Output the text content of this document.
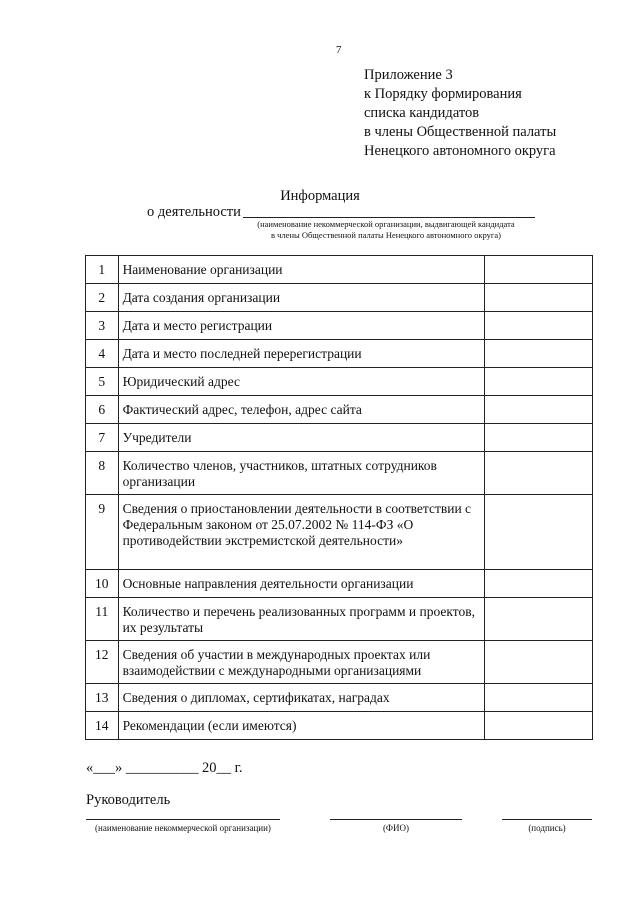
7
Приложение 3
к Порядку формирования
списка кандидатов
в члены Общественной палаты
Ненецкого автономного округа
Информация
о деятельности
(наименование некоммерческой организации, выдвигающей кандидата
в члены Общественной палаты Ненецкого автономного округа)
1	Наименование организации	
2	Дата создания организации	
3	Дата и место регистрации	
4	Дата и место последней перерегистрации	
5	Юридический адрес	
6	Фактический адрес, телефон, адрес сайта	
7	Учредители	
8	Количество членов, участников, штатных сотрудников организации	
9	Сведения о приостановлении деятельности в соответствии с Федеральным законом от 25.07.2002 № 114-ФЗ «О противодействии экстремистской деятельности»	
10	Основные направления деятельности организации	
11	Количество и перечень реализованных программ и проектов, их результаты	
12	Сведения об участии в международных проектах или взаимодействии с международными организациями	
13	Сведения о дипломах, сертификатах, наградах	
14	Рекомендации (если имеются)	
«___» __________ 20__ г.
Руководитель
(наименование некоммерческой организации)	(ФИО)	(подпись)
